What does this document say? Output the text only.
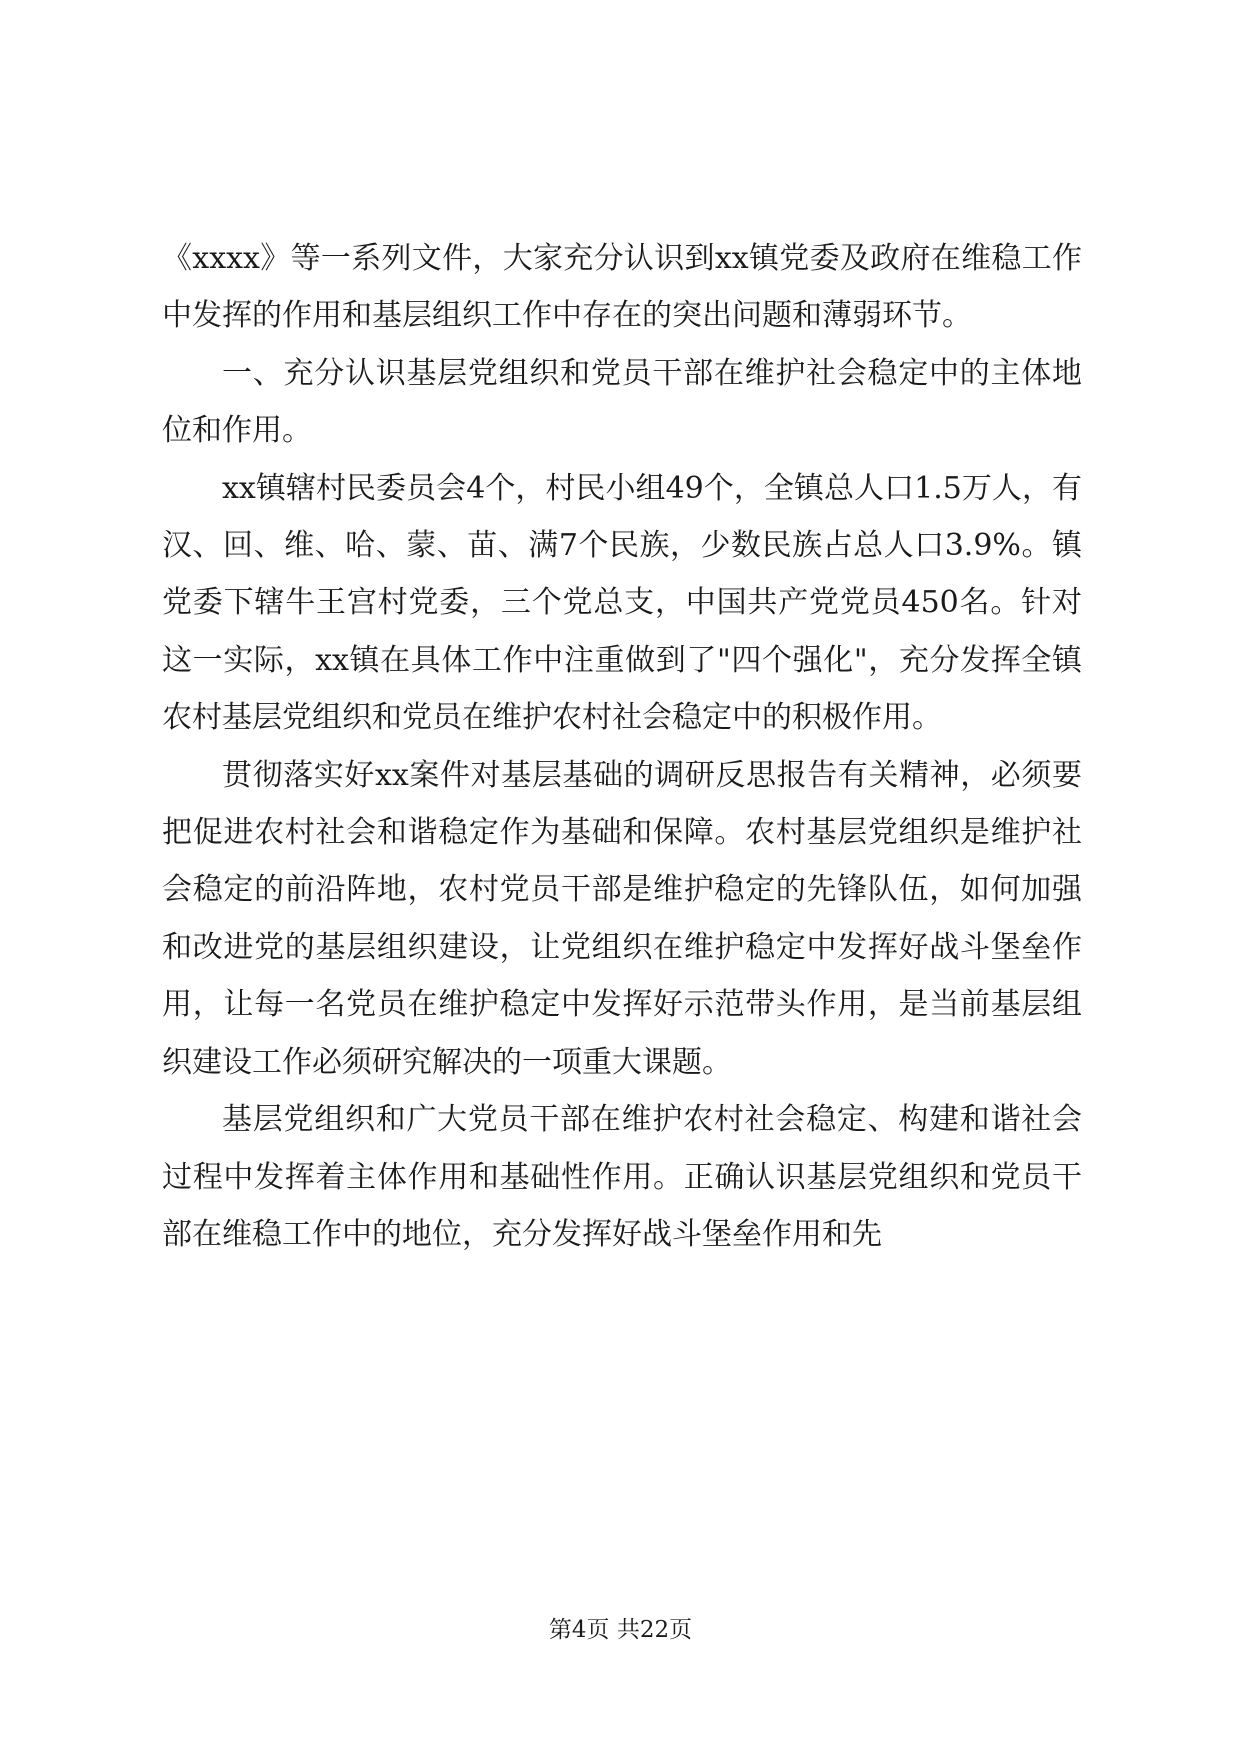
《xxxx》等一系列文件，大家充分认识到xx镇党委及政府在维稳工作中发挥的作用和基层组织工作中存在的突出问题和薄弱环节。

一、充分认识基层党组织和党员干部在维护社会稳定中的主体地位和作用。

xx镇辖村民委员会4个，村民小组49个，全镇总人口1.5万人，有汉、回、维、哈、蒙、苗、满7个民族，少数民族占总人口3.9%。镇党委下辖牛王宫村党委，三个党总支，中国共产党党员450名。针对这一实际，xx镇在具体工作中注重做到了"四个强化"，充分发挥全镇农村基层党组织和党员在维护农村社会稳定中的积极作用。

贯彻落实好xx案件对基层基础的调研反思报告有关精神，必须要把促进农村社会和谐稳定作为基础和保障。农村基层党组织是维护社会稳定的前沿阵地，农村党员干部是维护稳定的先锋队伍，如何加强和改进党的基层组织建设，让党组织在维护稳定中发挥好战斗堡垒作用，让每一名党员在维护稳定中发挥好示范带头作用，是当前基层组织建设工作必须研究解决的一项重大课题。

基层党组织和广大党员干部在维护农村社会稳定、构建和谐社会过程中发挥着主体作用和基础性作用。正确认识基层党组织和党员干部在维稳工作中的地位，充分发挥好战斗堡垒作用和先

第4页 共22页
